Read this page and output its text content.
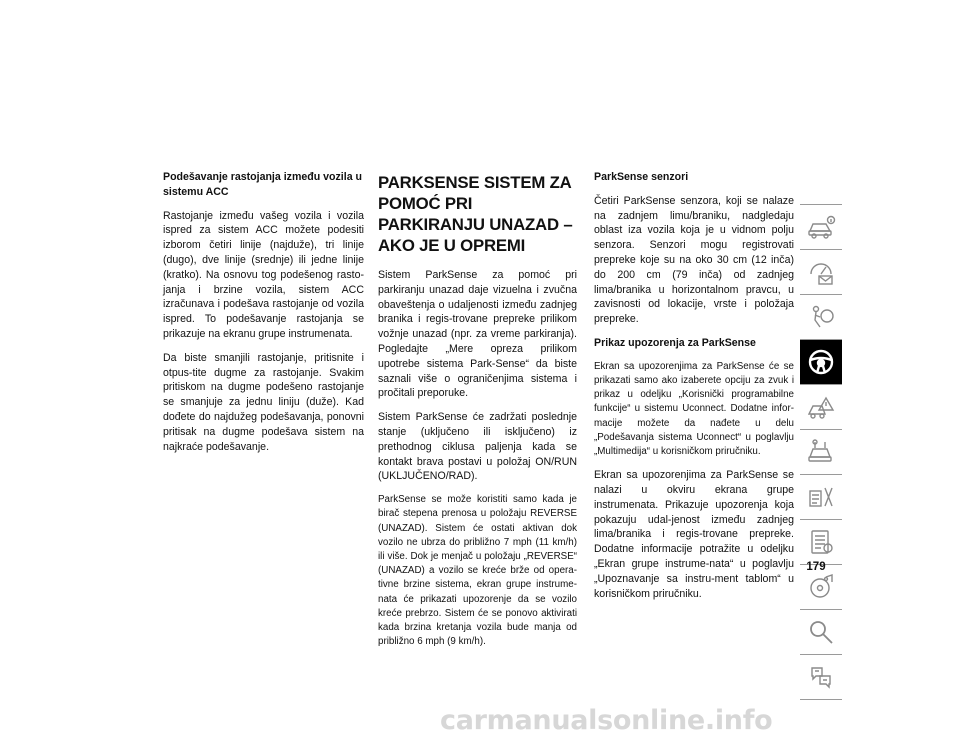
Podešavanje rastojanja između vozila u sistemu ACC

Rastojanje između vašeg vozila i vozila ispred za sistem ACC možete podesiti izborom četiri linije (najduže), tri linije (dugo), dve linije (srednje) ili jedne linije (kratko). Na osnovu tog podešenog rasto-janja i brzine vozila, sistem ACC izračunava i podešava rastojanje od vozila ispred. To podešavanje rastojanja se prikazuje na ekranu grupe instrumenata.

Da biste smanjili rastojanje, pritisnite i otpus-tite dugme za rastojanje. Svakim pritiskom na dugme podešeno rastojanje se smanjuje za jednu liniju (duže). Kad dođete do najdužeg podešavanja, ponovni pritisak na dugme podešava sistem na najkraće podešavanje.

PARKSENSE SISTEM ZA POMOĆ PRI PARKIRANJU UNAZAD – AKO JE U OPREMI

Sistem ParkSense za pomoć pri parkiranju unazad daje vizuelna i zvučna obaveštenja o udaljenosti između zadnjeg branika i regis-trovane prepreke prilikom vožnje unazad (npr. za vreme parkiranja). Pogledajte „Mere opreza prilikom upotrebe sistema Park-Sense“ da biste saznali više o ograničenjima sistema i pročitali preporuke.

Sistem ParkSense će zadržati poslednje stanje (uključeno ili isključeno) iz prethodnog ciklusa paljenja kada se kontakt brava postavi u položaj ON/RUN (UKLJUČENO/RAD).

ParkSense se može koristiti samo kada je birač stepena prenosa u položaju REVERSE (UNAZAD). Sistem će ostati aktivan dok vozilo ne ubrza do približno 7 mph (11 km/h) ili više. Dok je menjač u položaju „REVERSE“ (UNAZAD) a vozilo se kreće brže od opera-tivne brzine sistema, ekran grupe instrume-nata će prikazati upozorenje da se vozilo kreće prebrzo. Sistem će se ponovo aktivirati kada brzina kretanja vozila bude manja od približno 6 mph (9 km/h).

ParkSense senzori

Četiri ParkSense senzora, koji se nalaze na zadnjem limu/braniku, nadgledaju oblast iza vozila koja je u vidnom polju senzora. Senzori mogu registrovati prepreke koje su na oko 30 cm (12 inča) do 200 cm (79 inča) od zadnjeg lima/branika u horizontalnom pravcu, u zavisnosti od lokacije, vrste i položaja prepreke.

Prikaz upozorenja za ParkSense

Ekran sa upozorenjima za ParkSense će se prikazati samo ako izaberete opciju za zvuk i prikaz u odeljku „Korisnički programabilne funkcije“ u sistemu Uconnect. Dodatne infor-macije možete da nađete u delu „Podešavanja sistema Uconnect“ u poglavlju „Multimedija“ u korisničkom priručniku.

Ekran sa upozorenjima za ParkSense se nalazi u okviru ekrana grupe instrumenata. Prikazuje upozorenja koja pokazuju udal-jenost između zadnjeg lima/branika i regis-trovane prepreke. Dodatne informacije potražite u odeljku „Ekran grupe instrume-nata“ u poglavlju „Upoznavanje sa instru-ment tablom“ u korisničkom priručniku.

179
carmanualsonline.info
